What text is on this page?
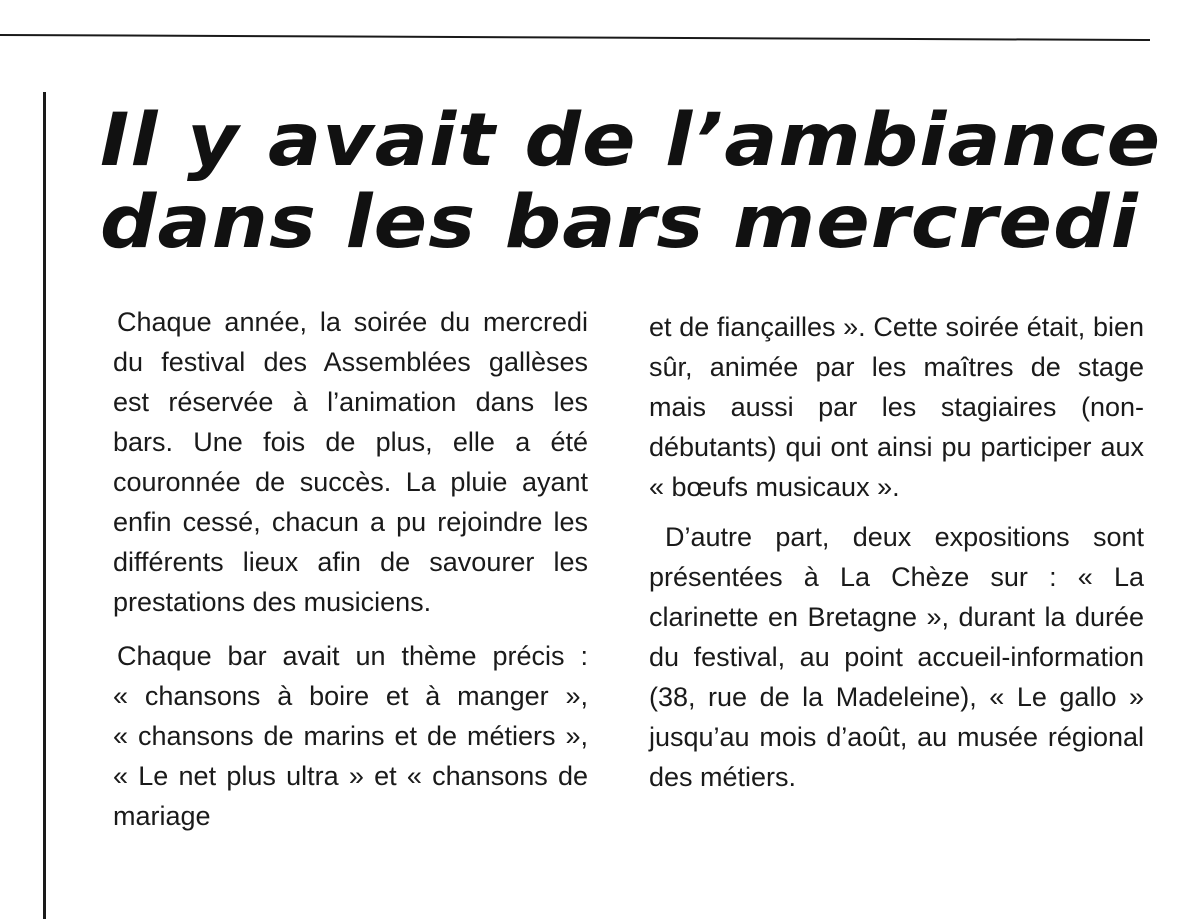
Il y avait de l’ambiance
dans les bars mercredi

Chaque année, la soirée du mercredi du festival des Assemblées gallèses est réservée à l’animation dans les bars. Une fois de plus, elle a été couronnée de succès. La pluie ayant enfin cessé, chacun a pu rejoindre les différents lieux afin de savourer les prestations des musiciens.

Chaque bar avait un thème précis : « chansons à boire et à manger », « chansons de marins et de métiers », « Le net plus ultra » et « chansons de mariage

et de fiançailles ». Cette soirée était, bien sûr, animée par les maîtres de stage mais aussi par les stagiaires (non-débutants) qui ont ainsi pu participer aux « bœufs musicaux ».

D’autre part, deux expositions sont présentées à La Chèze sur : « La clarinette en Bretagne », durant la durée du festival, au point accueil-information (38, rue de la Madeleine), « Le gallo » jusqu’au mois d’août, au musée régional des métiers.
